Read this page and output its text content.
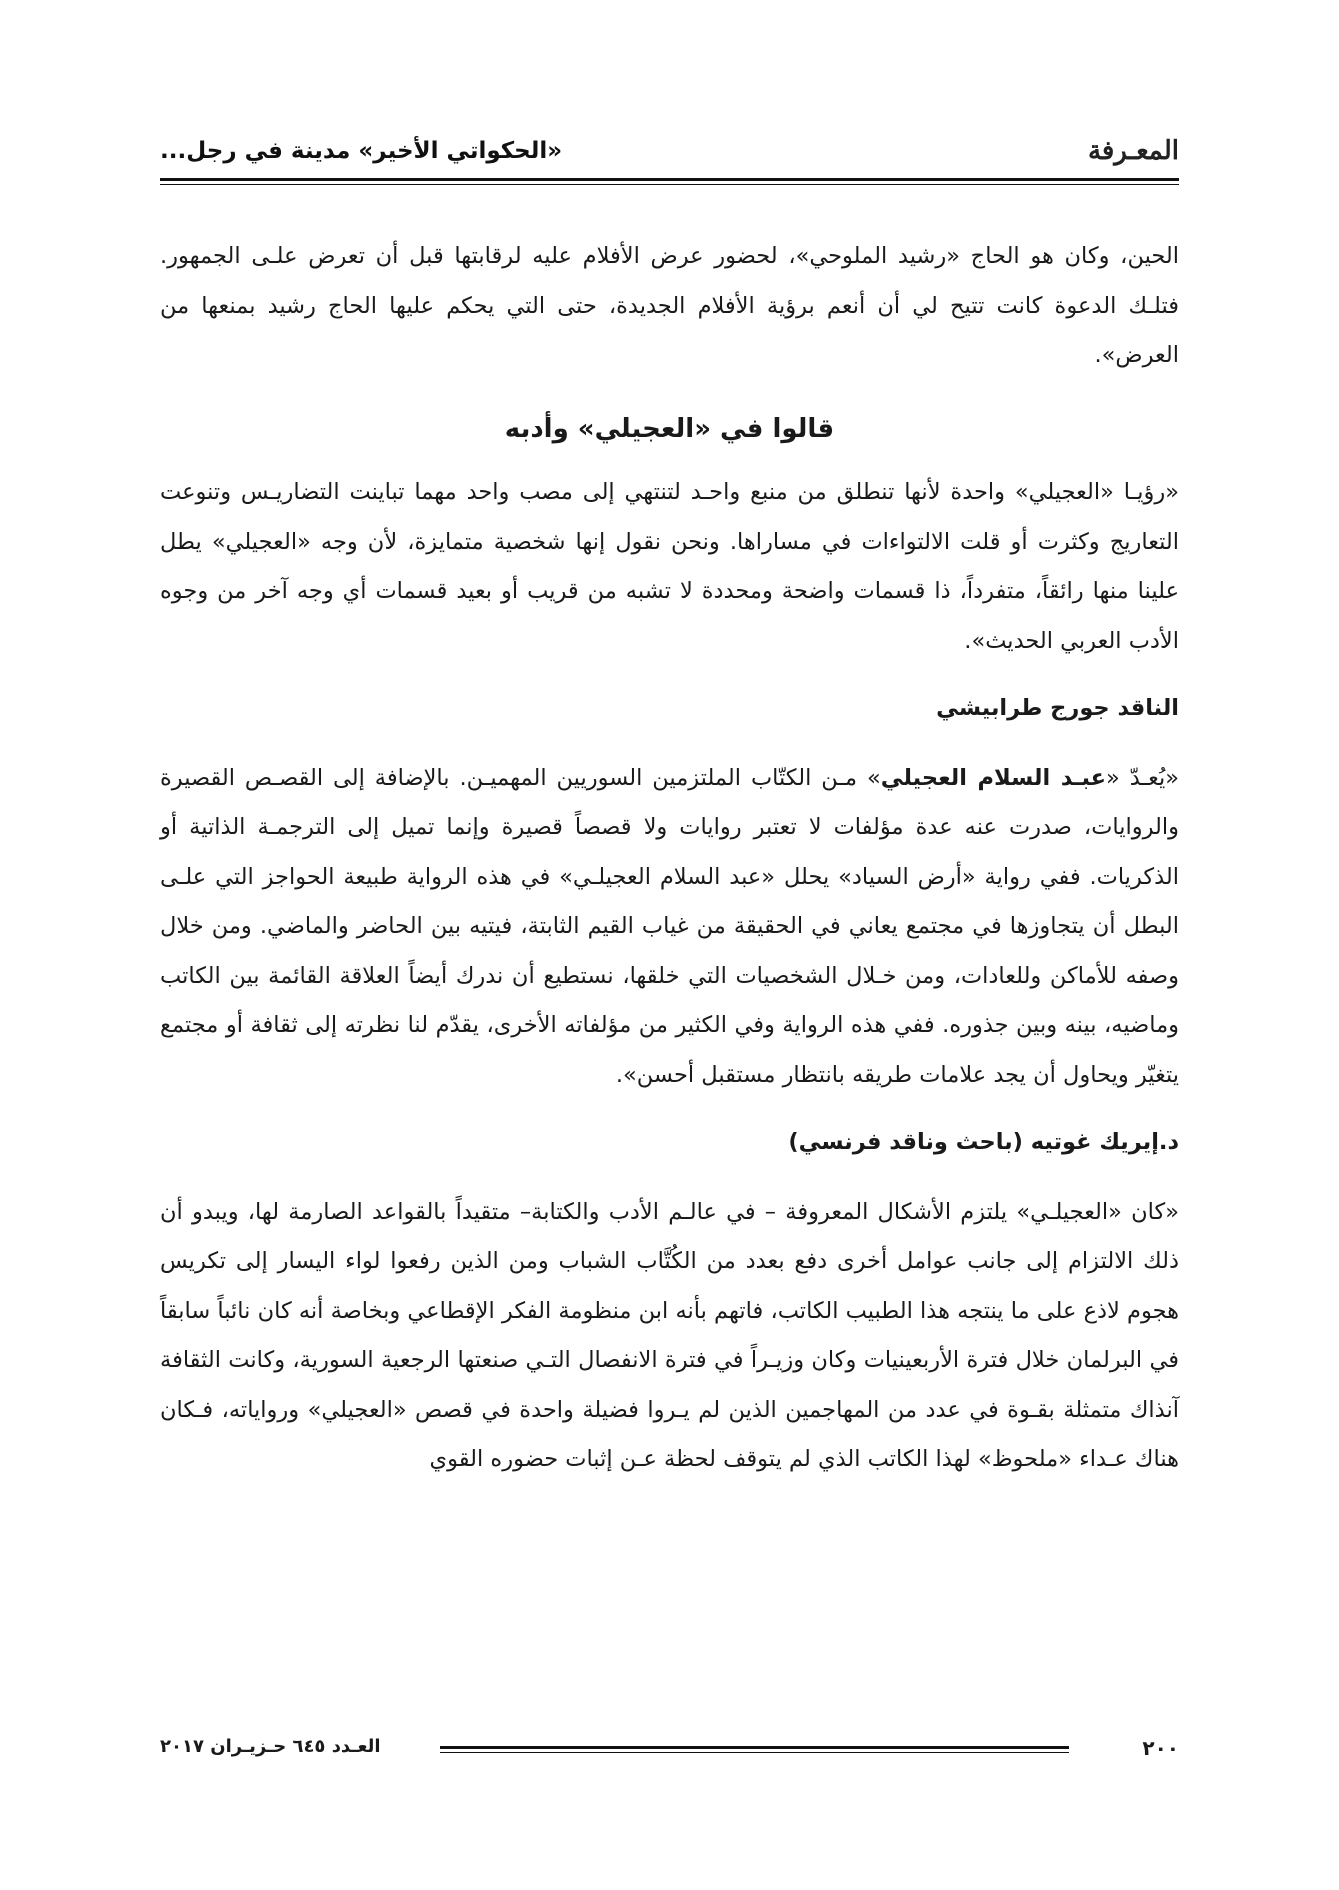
المعـرفة
«الحكواتي الأخير» مدينة في رجل...

الحين، وكان هو الحاج «رشيد الملوحي»، لحضور عرض الأفلام عليه لرقابتها قبل أن تعرض علـى الجمهور. فتلـك الدعوة كانت تتيح لي أن أنعم برؤية الأفلام الجديدة، حتى التي يحكم عليها الحاج رشيد بمنعها من العرض».

قالوا في «العجيلي» وأدبه

«رؤيـا «العجيلي» واحدة لأنها تنطلق من منبع واحـد لتنتهي إلى مصب واحد مهما تباينت التضاريـس وتنوعت التعاريج وكثرت أو قلت الالتواءات في مساراها. ونحن نقول إنها شخصية متمايزة، لأن وجه «العجيلي» يطل علينا منها رائقاً، متفرداً، ذا قسمات واضحة ومحددة لا تشبه من قريب أو بعيد قسمات أي وجه آخر من وجوه الأدب العربي الحديث».

الناقد جورج طرابيشي

«يُعـدّ «عبـد السلام العجيلي» مـن الكتّاب الملتزمين السوريين المهميـن. بالإضافة إلى القصـص القصيرة والروايات، صدرت عنه عدة مؤلفات لا تعتبر روايات ولا قصصاً قصيرة وإنما تميل إلى الترجمـة الذاتية أو الذكريات. ففي رواية «أرض السياد» يحلل «عبد السلام العجيلـي» في هذه الرواية طبيعة الحواجز التي علـى البطل أن يتجاوزها في مجتمع يعاني في الحقيقة من غياب القيم الثابتة، فيتيه بين الحاضر والماضي. ومن خلال وصفه للأماكن وللعادات، ومن خـلال الشخصيات التي خلقها، نستطيع أن ندرك أيضاً العلاقة القائمة بين الكاتب وماضيه، بينه وبين جذوره. ففي هذه الرواية وفي الكثير من مؤلفاته الأخرى، يقدّم لنا نظرته إلى ثقافة أو مجتمع يتغيّر ويحاول أن يجد علامات طريقه بانتظار مستقبل أحسن».

د.إيريك غوتيه (باحث وناقد فرنسي)

«كان «العجيلـي» يلتزم الأشكال المعروفة – في عالـم الأدب والكتابة– متقيداً بالقواعد الصارمة لها، ويبدو أن ذلك الالتزام إلى جانب عوامل أخرى دفع بعدد من الكُتَّاب الشباب ومن الذين رفعوا لواء اليسار إلى تكريس هجوم لاذع على ما ينتجه هذا الطبيب الكاتب، فاتهم بأنه ابن منظومة الفكر الإقطاعي وبخاصة أنه كان نائباً سابقاً في البرلمان خلال فترة الأربعينيات وكان وزيـراً في فترة الانفصال التـي صنعتها الرجعية السورية، وكانت الثقافة آنذاك متمثلة بقـوة في عدد من المهاجمين الذين لم يـروا فضيلة واحدة في قصص «العجيلي» ورواياته، فـكان هناك عـداء «ملحوظ» لهذا الكاتب الذي لم يتوقف لحظة عـن إثبات حضوره القوي

٢٠٠
العـدد ٦٤٥ حـزيـران ٢٠١٧
